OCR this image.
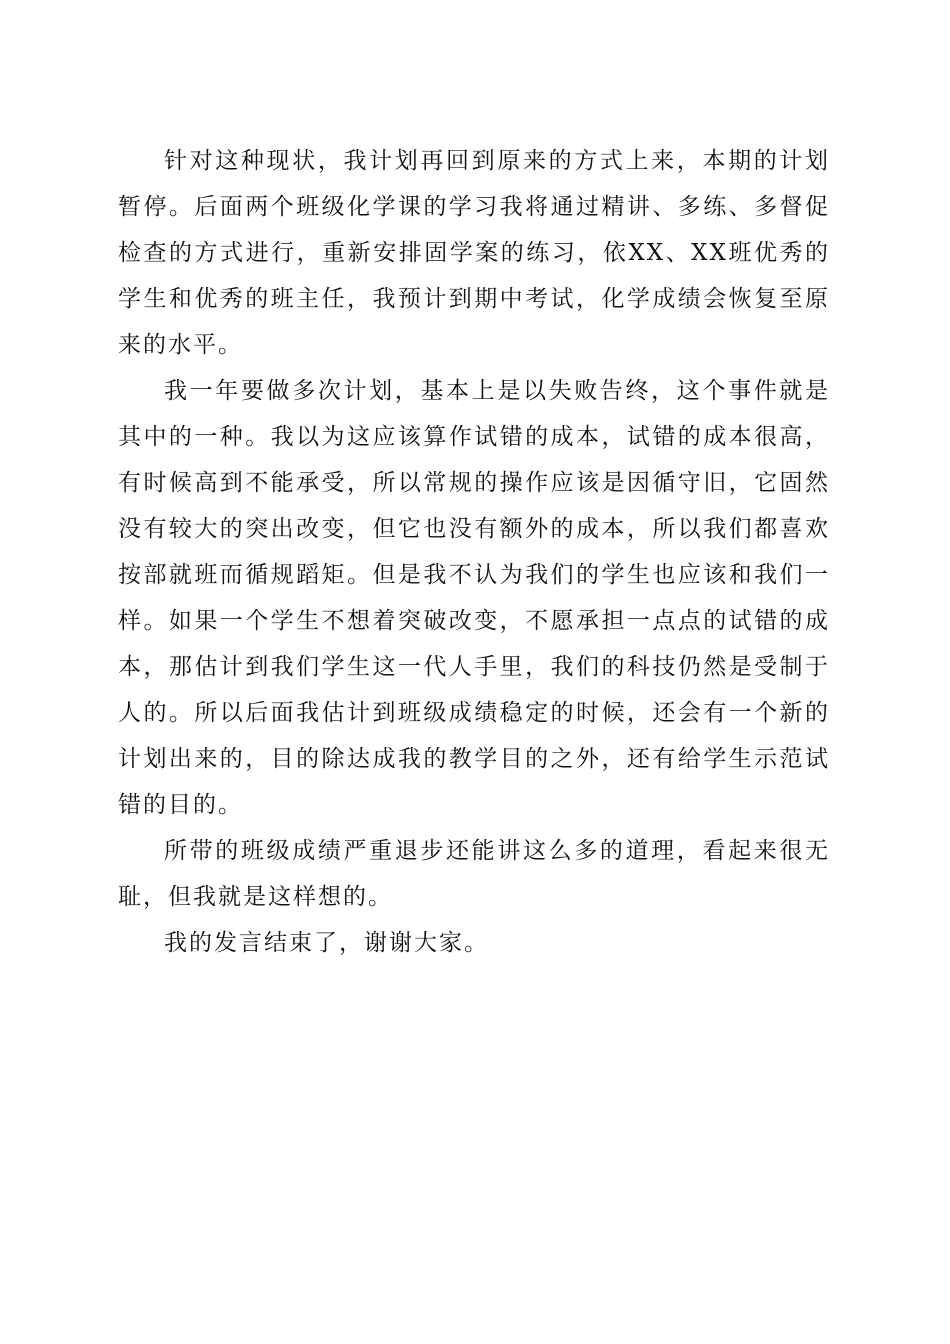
针对这种现状，我计划再回到原来的方式上来，本期的计划暂停。后面两个班级化学课的学习我将通过精讲、多练、多督促检查的方式进行，重新安排固学案的练习，依XX、XX班优秀的学生和优秀的班主任，我预计到期中考试，化学成绩会恢复至原来的水平。

我一年要做多次计划，基本上是以失败告终，这个事件就是其中的一种。我以为这应该算作试错的成本，试错的成本很高，有时候高到不能承受，所以常规的操作应该是因循守旧，它固然没有较大的突出改变，但它也没有额外的成本，所以我们都喜欢按部就班而循规蹈矩。但是我不认为我们的学生也应该和我们一样。如果一个学生不想着突破改变，不愿承担一点点的试错的成本，那估计到我们学生这一代人手里，我们的科技仍然是受制于人的。所以后面我估计到班级成绩稳定的时候，还会有一个新的计划出来的，目的除达成我的教学目的之外，还有给学生示范试错的目的。

所带的班级成绩严重退步还能讲这么多的道理，看起来很无耻，但我就是这样想的。

我的发言结束了，谢谢大家。
